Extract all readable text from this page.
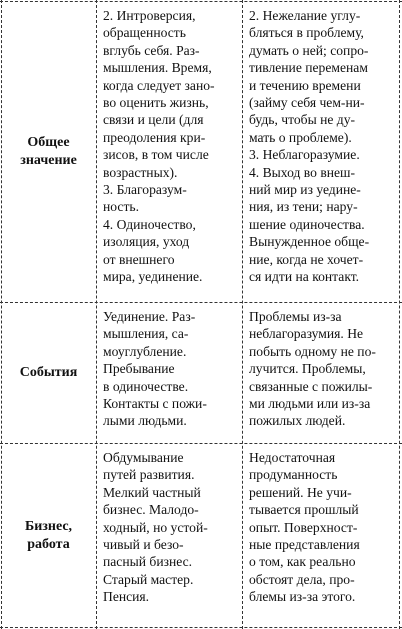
Общее
значение
2. Интроверсия,
обращенность
вглубь себя. Раз-
мышления. Время,
когда следует зано-
во оценить жизнь,
связи и цели (для
преодоления кри-
зисов, в том числе
возрастных).
3. Благоразум-
ность.
4. Одиночество,
изоляция, уход
от внешнего
мира, уединение.
2. Нежелание углу-
бляться в проблему,
думать о ней; сопро-
тивление переменам
и течению времени
(займу себя чем-ни-
будь, чтобы не ду-
мать о проблеме).
3. Неблагоразумие.
4. Выход во внеш-
ний мир из уедине-
ния, из тени; нару-
шение одиночества.
Вынужденное обще-
ние, когда не хочет-
ся идти на контакт.
События
Уединение. Раз-
мышления, са-
моуглубление.
Пребывание
в одиночестве.
Контакты с пожи-
лыми людьми.
Проблемы из-за
неблагоразумия. Не
побыть одному не по-
лучится. Проблемы,
связанные с пожилы-
ми людьми или из-за
пожилых людей.
Бизнес,
работа
Обдумывание
путей развития.
Мелкий частный
бизнес. Малодо-
ходный, но устой-
чивый и безо-
пасный бизнес.
Старый мастер.
Пенсия.
Недостаточная
продуманность
решений. Не учи-
тывается прошлый
опыт. Поверхност-
ные представления
о том, как реально
обстоят дела, про-
блемы из-за этого.
